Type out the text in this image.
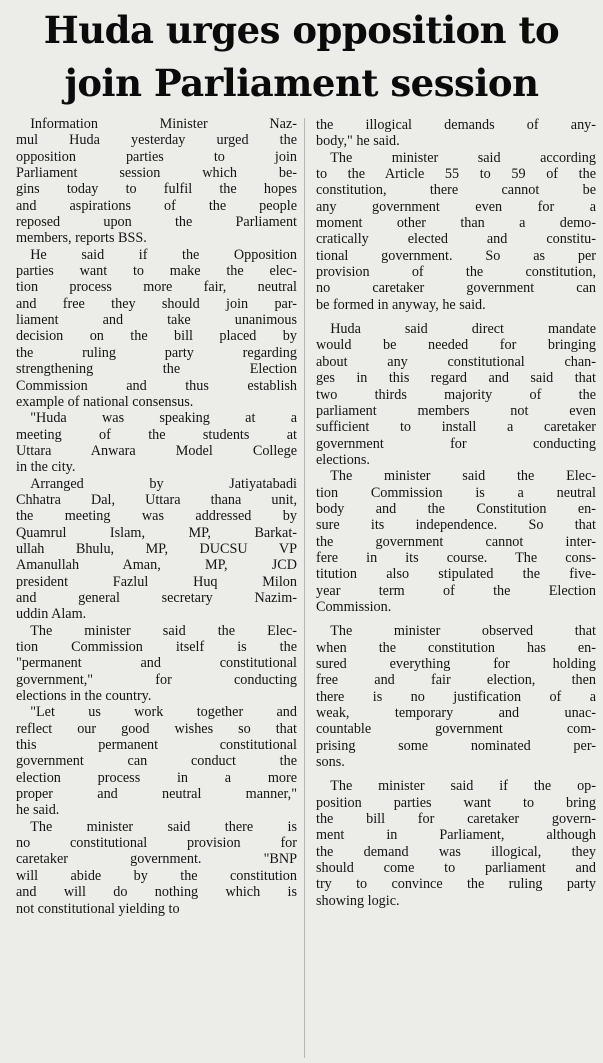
Huda urges opposition to
join Parliament session
 Information Minister Naz-
mul Huda yesterday urged the
opposition parties to join
Parliament session which be-
gins today to fulfil the hopes
and aspirations of the people
reposed upon the Parliament
members, reports BSS.
 He said if the Opposition
parties want to make the elec-
tion process more fair, neutral
and free they should join par-
liament and take unanimous
decision on the bill placed by
the ruling party regarding
strengthening the Election
Commission and thus establish
example of national consensus.
 "Huda was speaking at a
meeting of the students at
Uttara Anwara Model College
in the city.
 Arranged by Jatiyatabadi
Chhatra Dal, Uttara thana unit,
the meeting was addressed by
Quamrul Islam, MP, Barkat-
ullah Bhulu, MP, DUCSU VP
Amanullah Aman, MP, JCD
president Fazlul Huq Milon
and general secretary Nazim-
uddin Alam.
 The minister said the Elec-
tion Commission itself is the
"permanent and constitutional
government," for conducting
elections in the country.
 "Let us work together and
reflect our good wishes so that
this permanent constitutional
government can conduct the
election process in a more
proper and neutral manner,"
he said.
 The minister said there is
no constitutional provision for
caretaker government. "BNP
will abide by the constitution
and will do nothing which is
not constitutional yielding to
the illogical demands of any-
body," he said.
 The minister said according
to the Article 55 to 59 of the
constitution, there cannot be
any government even for a
moment other than a demo-
cratically elected and constitu-
tional government. So as per
provision of the constitution,
no caretaker government can
be formed in anyway, he said.
 Huda said direct mandate
would be needed for bringing
about any constitutional chan-
ges in this regard and said that
two thirds majority of the
parliament members not even
sufficient to install a caretaker
government for conducting
elections.
 The minister said the Elec-
tion Commission is a neutral
body and the Constitution en-
sure its independence. So that
the government cannot inter-
fere in its course. The cons-
titution also stipulated the five-
year term of the Election
Commission.
 The minister observed that
when the constitution has en-
sured everything for holding
free and fair election, then
there is no justification of a
weak, temporary and unac-
countable government com-
prising some nominated per-
sons.
 The minister said if the op-
position parties want to bring
the bill for caretaker govern-
ment in Parliament, although
the demand was illogical, they
should come to parliament and
try to convince the ruling party
showing logic.
